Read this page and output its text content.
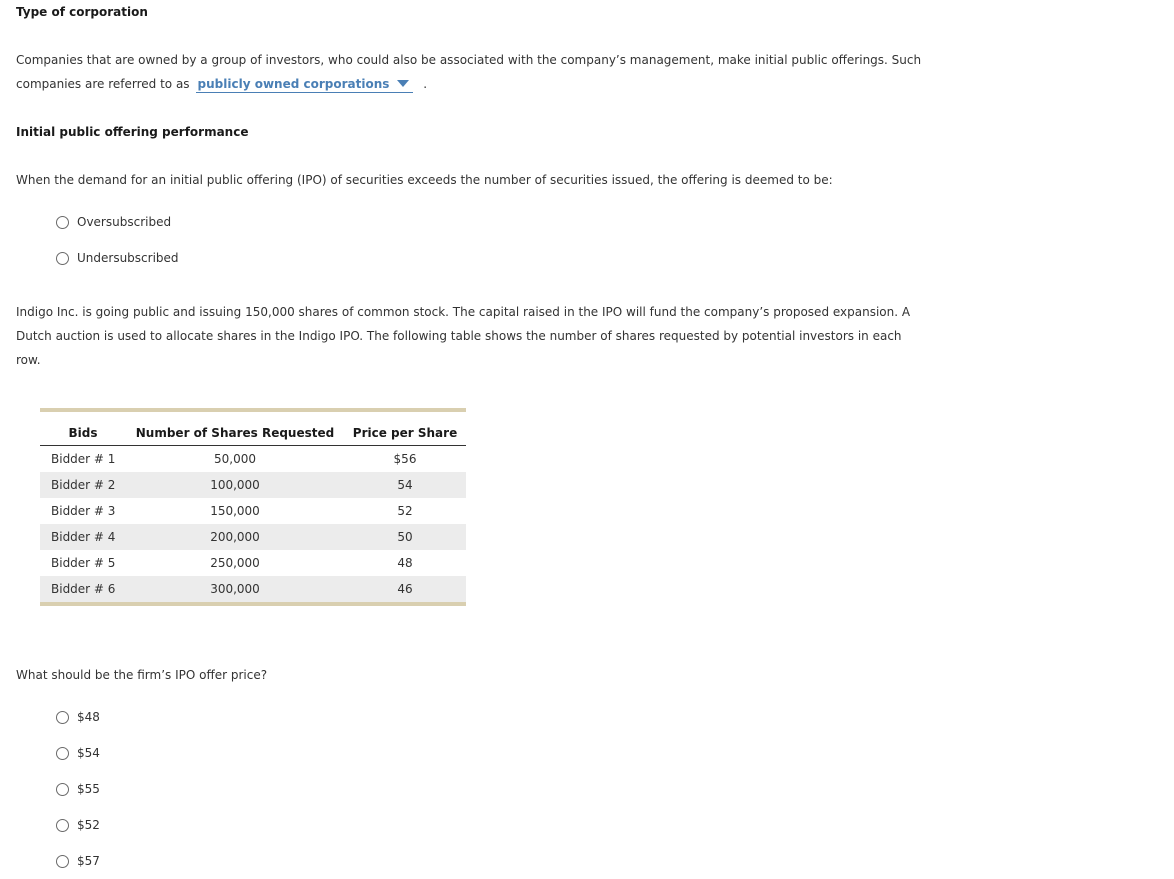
Type of corporation
Companies that are owned by a group of investors, who could also be associated with the company’s management, make initial public offerings. Such
companies are referred to as publicly owned corporations	.
Initial public offering performance
When the demand for an initial public offering (IPO) of securities exceeds the number of securities issued, the offering is deemed to be:
Oversubscribed
Undersubscribed
Indigo Inc. is going public and issuing 150,000 shares of common stock. The capital raised in the IPO will fund the company’s proposed expansion. A
Dutch auction is used to allocate shares in the Indigo IPO. The following table shows the number of shares requested by potential investors in each
row.
Bids	Number of Shares Requested	Price per Share
Bidder # 1	50,000	$56
Bidder # 2	100,000	54
Bidder # 3	150,000	52
Bidder # 4	200,000	50
Bidder # 5	250,000	48
Bidder # 6	300,000	46
What should be the firm’s IPO offer price?
$48
$54
$55
$52
$57
